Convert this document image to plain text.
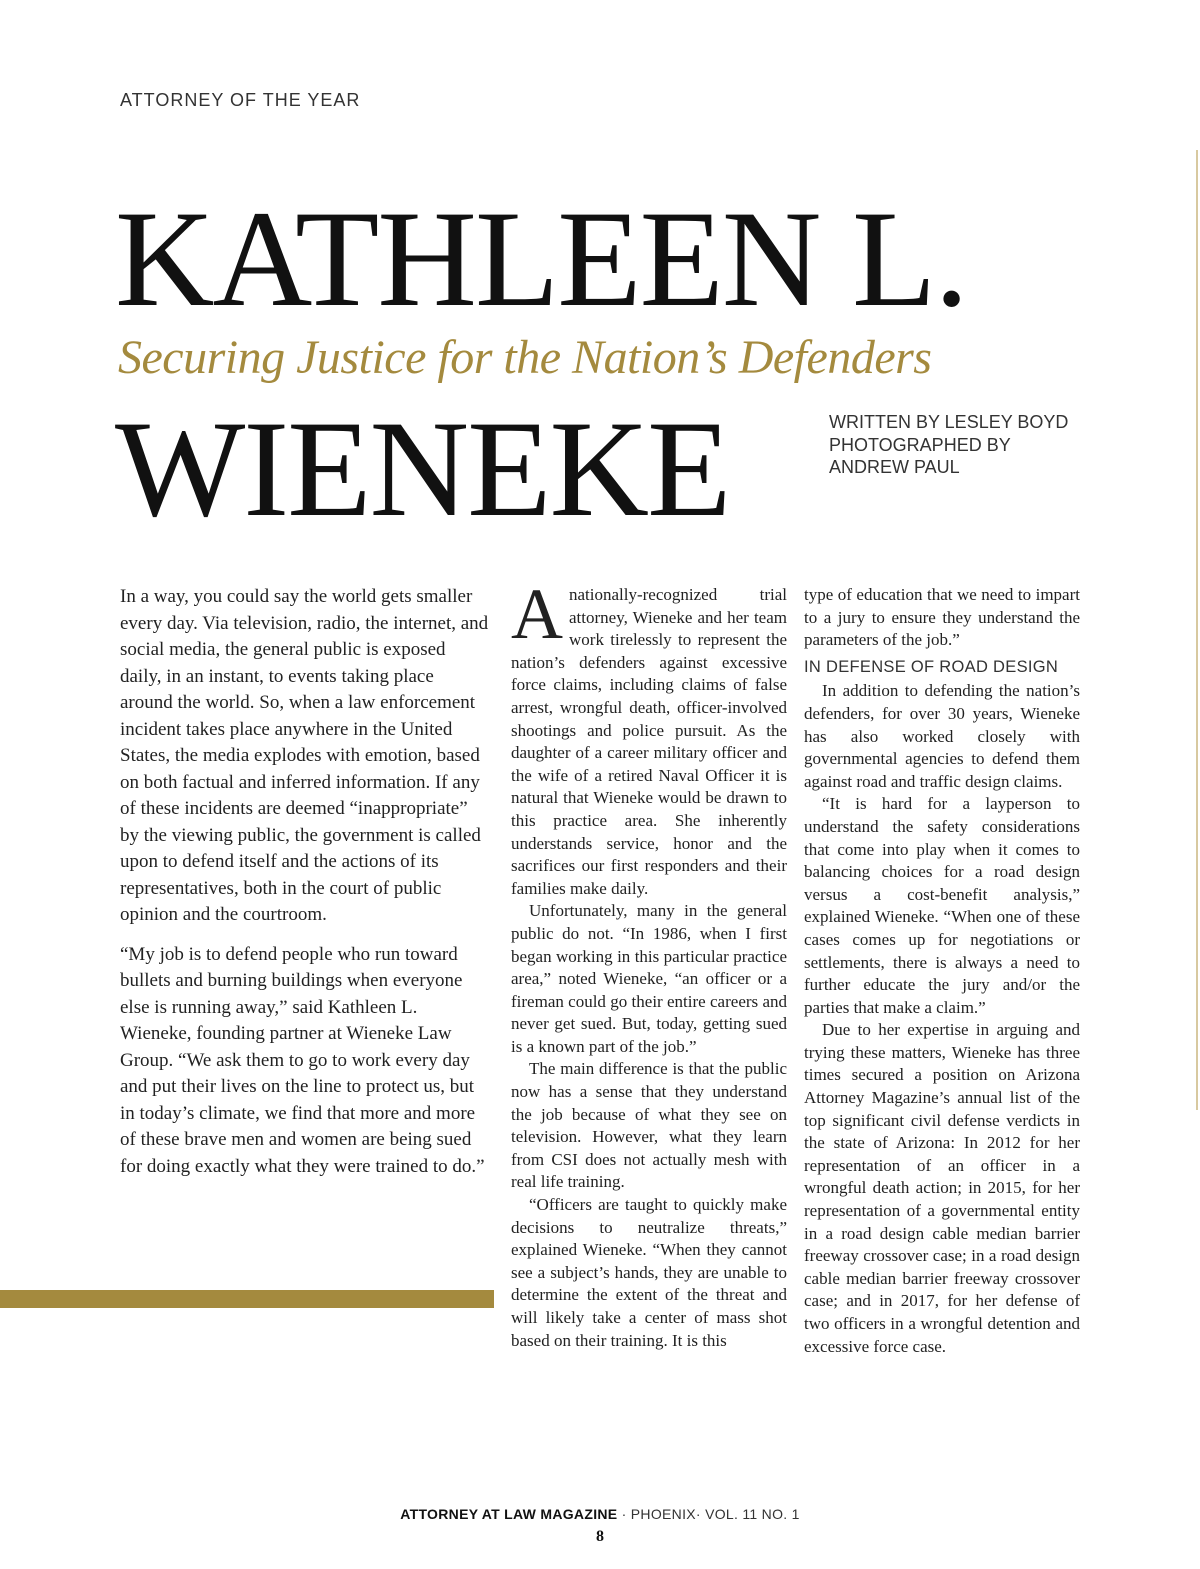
ATTORNEY OF THE YEAR
KATHLEEN L.
Securing Justice for the Nation’s Defenders
WIENEKE	WRITTEN BY LESLEY BOYD
PHOTOGRAPHED BY
ANDREW PAUL

In a way, you could say the world gets smaller every day. Via television, radio, the internet, and social media, the general public is exposed daily, in an instant, to events taking place around the world. So, when a law enforcement incident takes place anywhere in the United States, the media explodes with emotion, based on both factual and inferred information. If any of these incidents are deemed “inappropriate” by the viewing public, the government is called upon to defend itself and the actions of its representatives, both in the court of public opinion and the courtroom.

“My job is to defend people who run toward bullets and burning buildings when everyone else is running away,” said Kathleen L. Wieneke, founding partner at Wieneke Law Group. “We ask them to go to work every day and put their lives on the line to protect us, but in today’s climate, we find that more and more of these brave men and women are being sued for doing exactly what they were trained to do.”

Anationally-recognized trial attorney, Wieneke and her team work tirelessly to represent the nation’s defenders against excessive force claims, including claims of false arrest, wrongful death, officer-involved shootings and police pursuit. As the daughter of a career military officer and the wife of a retired Naval Officer it is natural that Wieneke would be drawn to this practice area. She inherently understands service, honor and the sacrifices our first responders and their families make daily.

Unfortunately, many in the general public do not. “In 1986, when I first began working in this particular practice area,” noted Wieneke, “an officer or a fireman could go their entire careers and never get sued. But, today, getting sued is a known part of the job.”

The main difference is that the public now has a sense that they understand the job because of what they see on television. However, what they learn from CSI does not actually mesh with real life training.

“Officers are taught to quickly make decisions to neutralize threats,” explained Wieneke. “When they cannot see a subject’s hands, they are unable to determine the extent of the threat and will likely take a center of mass shot based on their training. It is this

type of education that we need to impart to a jury to ensure they understand the parameters of the job.”

IN DEFENSE OF ROAD DESIGN

In addition to defending the nation’s defenders, for over 30 years, Wieneke has also worked closely with governmental agencies to defend them against road and traffic design claims.

“It is hard for a layperson to understand the safety considerations that come into play when it comes to balancing choices for a road design versus a cost-benefit analysis,” explained Wieneke. “When one of these cases comes up for negotiations or settlements, there is always a need to further educate the jury and/or the parties that make a claim.”

Due to her expertise in arguing and trying these matters, Wieneke has three times secured a position on Arizona Attorney Magazine’s annual list of the top significant civil defense verdicts in the state of Arizona: In 2012 for her representation of an officer in a wrongful death action; in 2015, for her representation of a governmental entity in a road design cable median barrier freeway crossover case; in a road design cable median barrier freeway crossover case; and in 2017, for her defense of two officers in a wrongful detention and excessive force case.

ATTORNEY AT LAW MAGAZINE · PHOENIX· VOL. 11 NO. 1
8
